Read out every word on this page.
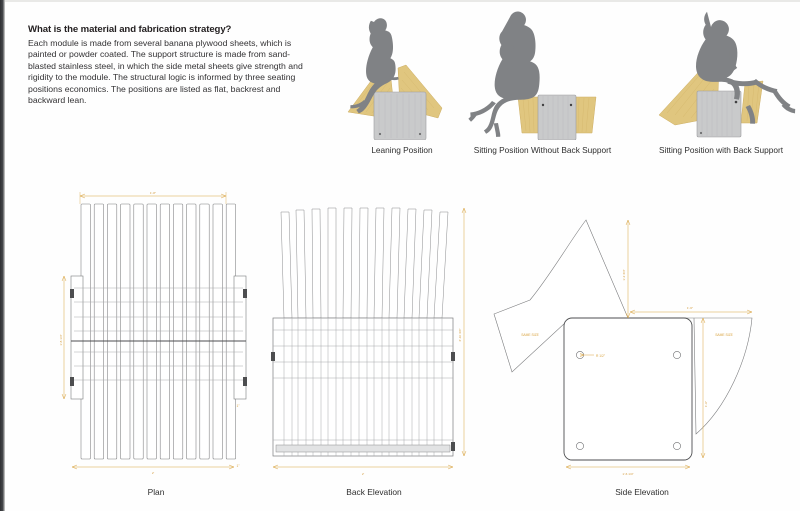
What is the material and fabrication strategy?

Each module is made from several banana plywood sheets, which is painted or powder coated. The support structure is made from sand-blasted stainless steel, in which the side metal sheets give strength and rigidity to the module. The structural logic is informed by three seating positions economics. The positions are listed as flat, backrest and backward lean.

Leaning Position	Sitting Position Without Back Support	Sitting Position with Back Support
1'-8"
1'-8 1/4"
1"
1"
2'
Plan
2'-10 3/4"
2'
Back Elevation
R 1/2"
1'-2 3/4"
1'-6"
1'-6"
1'-6 1/4"
SAME SIZE	SAME SIZE
Side Elevation
